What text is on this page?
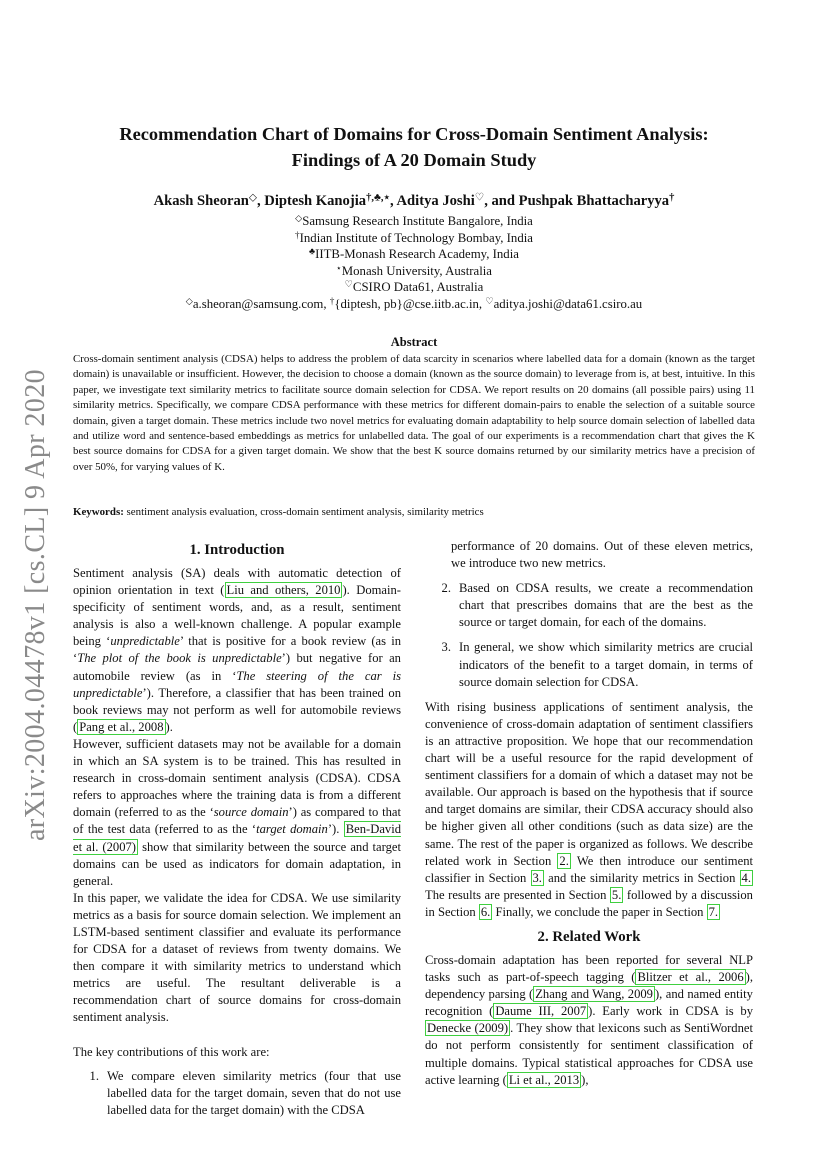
arXiv:2004.04478v1 [cs.CL] 9 Apr 2020
Recommendation Chart of Domains for Cross-Domain Sentiment Analysis:
Findings of A 20 Domain Study
Akash Sheoran◇, Diptesh Kanojia†,♣,⋆, Aditya Joshi♡, and Pushpak Bhattacharyya†
◇Samsung Research Institute Bangalore, India
†Indian Institute of Technology Bombay, India
♣IITB-Monash Research Academy, India
⋆Monash University, Australia
♡CSIRO Data61, Australia
◇a.sheoran@samsung.com, †{diptesh, pb}@cse.iitb.ac.in, ♡aditya.joshi@data61.csiro.au
Abstract

Cross-domain sentiment analysis (CDSA) helps to address the problem of data scarcity in scenarios where labelled data for a domain (known as the target domain) is unavailable or insufficient. However, the decision to choose a domain (known as the source domain) to leverage from is, at best, intuitive. In this paper, we investigate text similarity metrics to facilitate source domain selection for CDSA. We report results on 20 domains (all possible pairs) using 11 similarity metrics. Specifically, we compare CDSA performance with these metrics for different domain-pairs to enable the selection of a suitable source domain, given a target domain. These metrics include two novel metrics for evaluating domain adaptability to help source domain selection of labelled data and utilize word and sentence-based embeddings as metrics for unlabelled data. The goal of our experiments is a recommendation chart that gives the K best source domains for CDSA for a given target domain. We show that the best K source domains returned by our similarity metrics have a precision of over 50%, for varying values of K.

Keywords: sentiment analysis evaluation, cross-domain sentiment analysis, similarity metrics

1. Introduction

Sentiment analysis (SA) deals with automatic detection of opinion orientation in text ( Liu and others, 2010 ). Domain-specificity of sentiment words, and, as a result, sentiment analysis is also a well-known challenge. A popular example being ‘unpredictable’ that is positive for a book review (as in ‘The plot of the book is unpredictable’) but negative for an automobile review (as in ‘The steering of the car is unpredictable’). Therefore, a classifier that has been trained on book reviews may not perform as well for automobile reviews ( Pang et al., 2008 ).

However, sufficient datasets may not be available for a domain in which an SA system is to be trained. This has resulted in research in cross-domain sentiment analysis (CDSA). CDSA refers to approaches where the training data is from a different domain (referred to as the ‘source domain’) as compared to that of the test data (referred to as the ‘target domain’). Ben-David et al. (2007) show that similarity between the source and target domains can be used as indicators for domain adaptation, in general.

In this paper, we validate the idea for CDSA. We use similarity metrics as a basis for source domain selection. We implement an LSTM-based sentiment classifier and evaluate its performance for CDSA for a dataset of reviews from twenty domains. We then compare it with similarity metrics to understand which metrics are useful. The resultant deliverable is a recommendation chart of source domains for cross-domain sentiment analysis.

The key contributions of this work are:

1. We compare eleven similarity metrics (four that use labelled data for the target domain, seven that do not use labelled data for the target domain) with the CDSA
performance of 20 domains. Out of these eleven metrics, we introduce two new metrics.
2. Based on CDSA results, we create a recommendation chart that prescribes domains that are the best as the source or target domain, for each of the domains.
3. In general, we show which similarity metrics are crucial indicators of the benefit to a target domain, in terms of source domain selection for CDSA.

With rising business applications of sentiment analysis, the convenience of cross-domain adaptation of sentiment classifiers is an attractive proposition. We hope that our recommendation chart will be a useful resource for the rapid development of sentiment classifiers for a domain of which a dataset may not be available. Our approach is based on the hypothesis that if source and target domains are similar, their CDSA accuracy should also be higher given all other conditions (such as data size) are the same. The rest of the paper is organized as follows. We describe related work in Section 2. We then introduce our sentiment classifier in Section 3. and the similarity metrics in Section 4. The results are presented in Section 5. followed by a discussion in Section 6. Finally, we conclude the paper in Section 7.

2. Related Work

Cross-domain adaptation has been reported for several NLP tasks such as part-of-speech tagging ( Blitzer et al., 2006 ), dependency parsing ( Zhang and Wang, 2009 ), and named entity recognition ( Daume III, 2007 ). Early work in CDSA is by Denecke (2009) . They show that lexicons such as SentiWordnet do not perform consistently for sentiment classification of multiple domains. Typical statistical approaches for CDSA use active learning ( Li et al., 2013 ),
